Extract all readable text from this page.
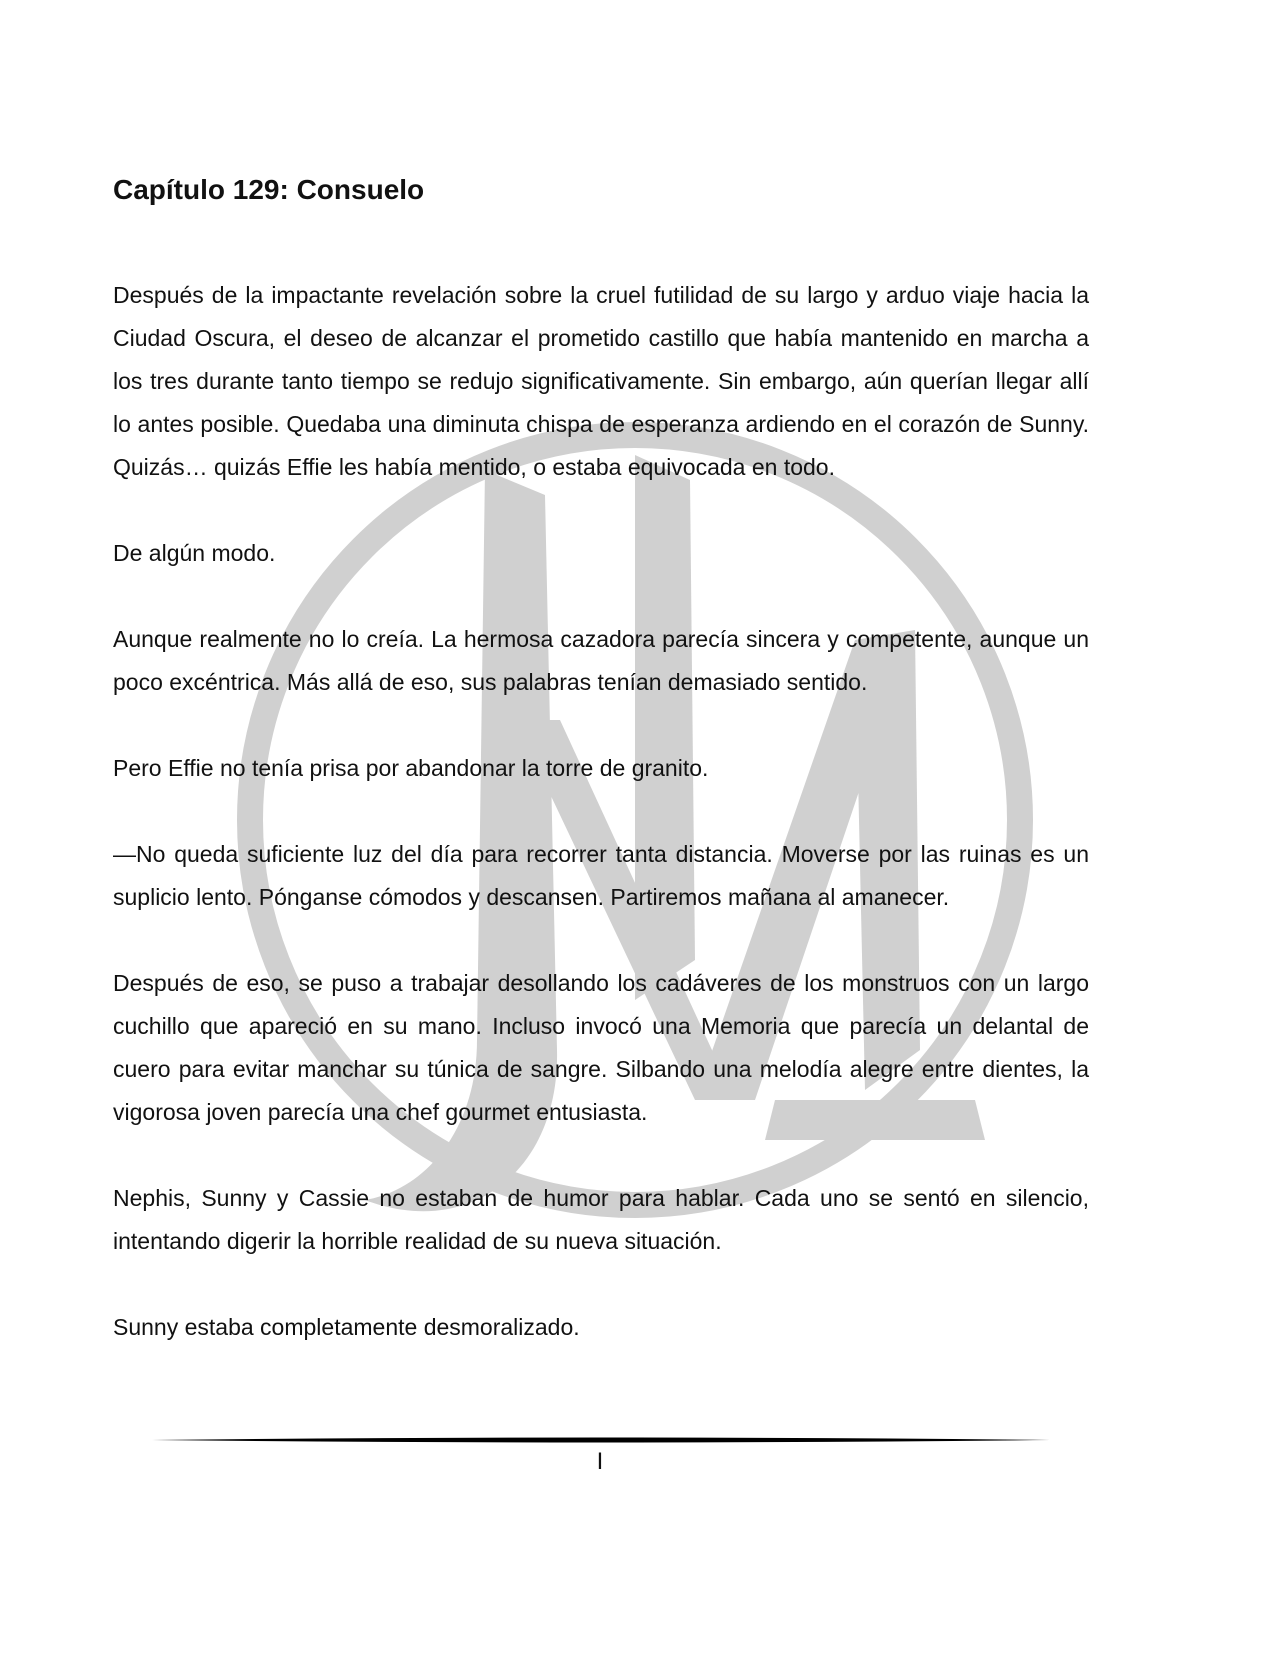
Capítulo 129: Consuelo

Después de la impactante revelación sobre la cruel futilidad de su largo y arduo viaje hacia la Ciudad Oscura, el deseo de alcanzar el prometido castillo que había mantenido en marcha a los tres durante tanto tiempo se redujo significativamente. Sin embargo, aún querían llegar allí lo antes posible. Quedaba una diminuta chispa de esperanza ardiendo en el corazón de Sunny. Quizás… quizás Effie les había mentido, o estaba equivocada en todo.

De algún modo.

Aunque realmente no lo creía. La hermosa cazadora parecía sincera y competente, aunque un poco excéntrica. Más allá de eso, sus palabras tenían demasiado sentido.

Pero Effie no tenía prisa por abandonar la torre de granito.

—No queda suficiente luz del día para recorrer tanta distancia. Moverse por las ruinas es un suplicio lento. Pónganse cómodos y descansen. Partiremos mañana al amanecer.

Después de eso, se puso a trabajar desollando los cadáveres de los monstruos con un largo cuchillo que apareció en su mano. Incluso invocó una Memoria que parecía un delantal de cuero para evitar manchar su túnica de sangre. Silbando una melodía alegre entre dientes, la vigorosa joven parecía una chef gourmet entusiasta.

Nephis, Sunny y Cassie no estaban de humor para hablar. Cada uno se sentó en silencio, intentando digerir la horrible realidad de su nueva situación.

Sunny estaba completamente desmoralizado.

I
